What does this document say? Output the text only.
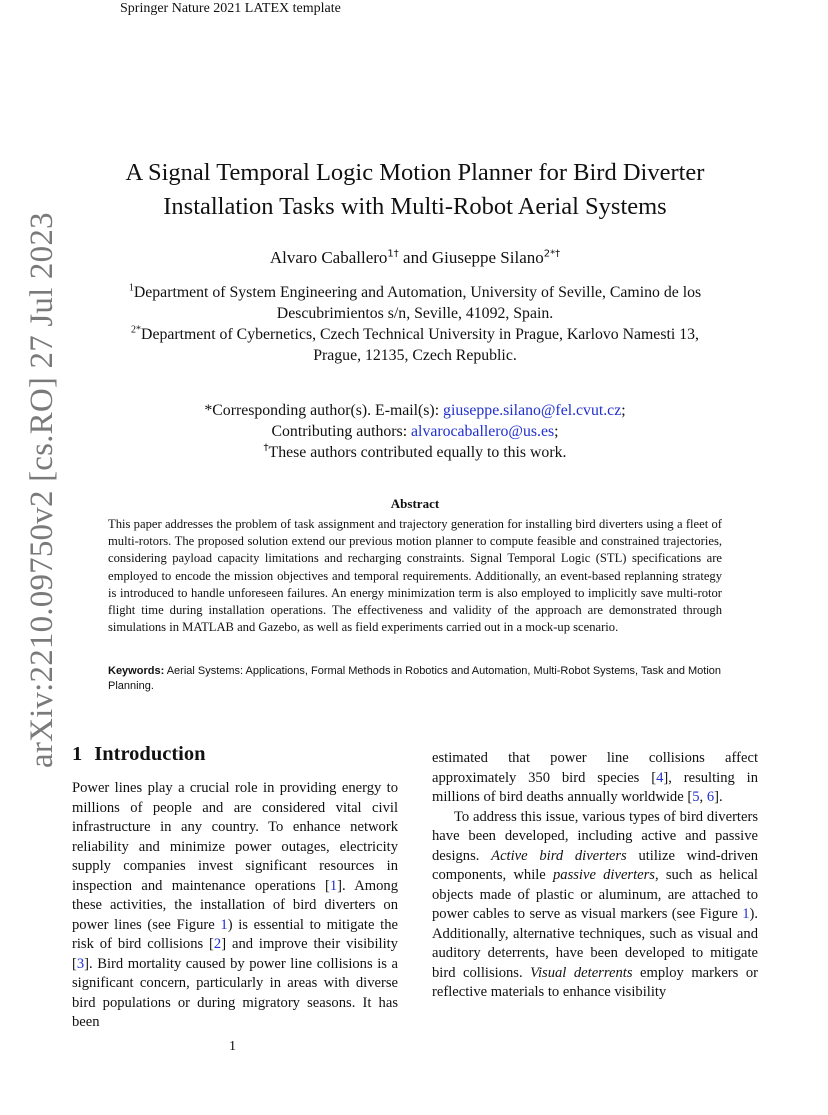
Springer Nature 2021 LATEX template
arXiv:2210.09750v2 [cs.RO] 27 Jul 2023
A Signal Temporal Logic Motion Planner for Bird Diverter
Installation Tasks with Multi-Robot Aerial Systems
Alvaro Caballero$^{1\dagger}$ and Giuseppe Silano$^{2*\dagger}$

$^1$Department of System Engineering and Automation, University of Seville, Camino de los

Descubrimientos s/n, Seville, 41092, Spain.

$^{2*}$Department of Cybernetics, Czech Technical University in Prague, Karlovo Namesti 13,

Prague, 12135, Czech Republic.

*Corresponding author(s). E-mail(s): giuseppe.silano@fel.cvut.cz;

Contributing authors: alvarocaballero@us.es;

†These authors contributed equally to this work.

Abstract
This paper addresses the problem of task assignment and trajectory generation for installing bird diverters using a fleet of multi-rotors. The proposed solution extend our previous motion planner to compute feasible and constrained trajectories, considering payload capacity limitations and recharging constraints. Signal Temporal Logic (STL) specifications are employed to encode the mission objectives and temporal requirements. Additionally, an event-based replanning strategy is introduced to handle unforeseen failures. An energy minimization term is also employed to implicitly save multi-rotor flight time during installation operations. The effectiveness and validity of the approach are demonstrated through simulations in MATLAB and Gazebo, as well as field experiments carried out in a mock-up scenario.
Keywords: Aerial Systems: Applications, Formal Methods in Robotics and Automation, Multi-Robot Systems, Task and Motion Planning.
1 Introduction

Power lines play a crucial role in providing energy to millions of people and are considered vital civil infrastructure in any country. To enhance network reliability and minimize power outages, electricity supply companies invest significant resources in inspection and maintenance operations [1]. Among these activities, the installation of bird diverters on power lines (see Figure 1) is essential to mitigate the risk of bird collisions [2] and improve their visibility [3]. Bird mortality caused by power line collisions is a significant concern, particularly in areas with diverse bird populations or during migratory seasons. It has been

estimated that power line collisions affect approximately 350 bird species [4], resulting in millions of bird deaths annually worldwide [5, 6].

To address this issue, various types of bird diverters have been developed, including active and passive designs. Active bird diverters utilize wind-driven components, while passive diverters, such as helical objects made of plastic or aluminum, are attached to power cables to serve as visual markers (see Figure 1). Additionally, alternative techniques, such as visual and auditory deterrents, have been developed to mitigate bird collisions. Visual deterrents employ markers or reflective materials to enhance visibility

1
